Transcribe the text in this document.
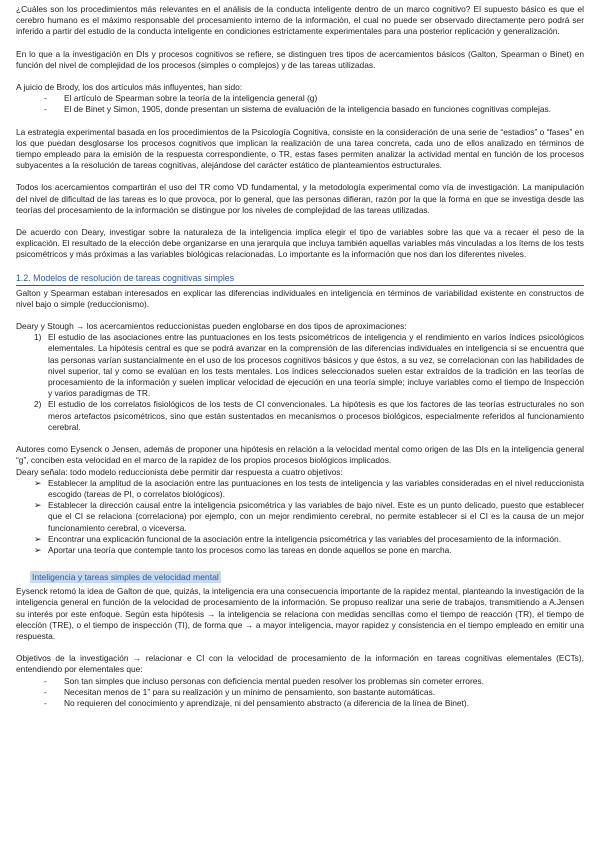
¿Cuáles son los procedimientos más relevantes en el análisis de la conducta inteligente dentro de un marco cognitivo? El supuesto básico es que el cerebro humano es el máximo responsable del procesamiento interno de la información, el cual no puede ser observado directamente pero podrá ser inferido a partir del estudio de la conducta inteligente en condiciones estrictamente experimentales para una posterior replicación y generalización.

En lo que a la investigación en DIs y procesos cognitivos se refiere, se distinguen tres tipos de acercamientos básicos (Galton, Spearman o Binet) en función del nivel de complejidad de los procesos (simples o complejos) y de las tareas utilizadas.

A juicio de Brody, los dos artículos más influyentes, han sido:

- El artículo de Spearman sobre la teoría de la inteligencia general (g)
- El de Binet y Simon, 1905, donde presentan un sistema de evaluación de la inteligencia basado en funciones cognitivas complejas.

La estrategia experimental basada en los procedimientos de la Psicología Cognitiva, consiste en la consideración de una serie de “estadios” o “fases” en los que puedan desglosarse los procesos cognitivos que implican la realización de una tarea concreta, cada uno de ellos analizado en términos de tiempo empleado para la emisión de la respuesta correspondiente, o TR, estas fases permiten analizar la actividad mental en función de los procesos subyacentes a la resolución de tareas cognitivas, alejándose del carácter estático de planteamientos estructurales.

Todos los acercamientos compartirán el uso del TR como VD fundamental, y la metodología experimental como vía de investigación. La manipulación del nivel de dificultad de las tareas es lo que provoca, por lo general, que las personas difieran, razón por la que la forma en que se investiga desde las teorías del procesamiento de la información se distingue por los niveles de complejidad de las tareas utilizadas.

De acuerdo con Deary, investigar sobre la naturaleza de la inteligencia implica elegir el tipo de variables sobre las que va a recaer el peso de la explicación. El resultado de la elección debe organizarse en una jerarquía que incluya también aquellas variables más vinculadas a los ítems de los tests psicométricos y más próximas a las variables biológicas relacionadas. Lo importante es la información que nos dan los diferentes niveles.

1.2. Modelos de resolución de tareas cognitivas simples

Galton y Spearman estaban interesados en explicar las diferencias individuales en inteligencia en términos de variabilidad existente en constructos de nivel bajo o simple (reduccionismo).

Deary y Stough → los acercamientos reduccionistas pueden englobarse en dos tipos de aproximaciones:

1) El estudio de las asociaciones entre las puntuaciones en los tests psicométricos de inteligencia y el rendimiento en varios índices psicológicos elementales. La hipótesis central es que se podrá avanzar en la comprensión de las diferencias individuales en inteligencia si se encuentra que las personas varían sustancialmente en el uso de los procesos cognitivos básicos y que éstos, a su vez, se correlacionan con las habilidades de nivel superior, tal y como se evalúan en los tests mentales. Los índices seleccionados suelen estar extraídos de la tradición en las teorías de procesamiento de la información y suelen implicar velocidad de ejecución en una teoría simple; incluye variables como el tiempo de Inspección y varios paradigmas de TR.
2) El estudio de los correlatos fisiológicos de los tests de CI convencionales. La hipótesis es que los factores de las teorías estructurales no son meros artefactos psicométricos, sino que están sustentados en mecanismos o procesos biológicos, especialmente referidos al funcionamiento cerebral.

Autores como Eysenck o Jensen, además de proponer una hipótesis en relación a la velocidad mental como origen de las DIs en la inteligencia general “g”, conciben esta velocidad en el marco de la rapidez de los propios procesos biológicos implicados.

Deary señala: todo modelo reduccionista debe permitir dar respuesta a cuatro objetivos:

➢ Establecer la amplitud de la asociación entre las puntuaciones en los tests de inteligencia y las variables consideradas en el nivel reduccionista escogido (tareas de PI, o correlatos biológicos).
➢ Establecer la dirección causal entre la inteligencia psicométrica y las variables de bajo nivel. Este es un punto delicado, puesto que establecer que el CI se relaciona (correlaciona) por ejemplo, con un mejor rendimiento cerebral, no permite establecer si el CI es la causa de un mejor funcionamiento cerebral, o viceversa.
➢ Encontrar una explicación funcional de la asociación entre la inteligencia psicométrica y las variables del procesamiento de la información.
➢ Aportar una teoría que contemple tanto los procesos como las tareas en donde aquellos se pone en marcha.
Inteligencia y tareas simples de velocidad mental

Eysenck retomó la idea de Galton de que, quizás, la inteligencia era una consecuencia importante de la rapidez mental, planteando la investigación de la inteligencia general en función de la velocidad de procesamiento de la información. Se propuso realizar una serie de trabajos, transmitiendo a A.Jensen su interés por este enfoque. Según esta hipótesis → la inteligencia se relaciona con medidas sencillas como el tiempo de reacción (TR), el tiempo de elección (TRE), o el tiempo de inspección (TI), de forma que → a mayor inteligencia, mayor rapidez y consistencia en el tiempo empleado en emitir una respuesta.

Objetivos de la investigación → relacionar e CI con la velocidad de procesamiento de la información en tareas cognitivas elementales (ECTs), entendiendo por elementales que:

- Son tan simples que incluso personas con deficiencia mental pueden resolver los problemas sin cometer errores.
- Necesitan menos de 1” para su realización y un mínimo de pensamiento, son bastante automáticas.
- No requieren del conocimiento y aprendizaje, ni del pensamiento abstracto (a diferencia de la línea de Binet).
